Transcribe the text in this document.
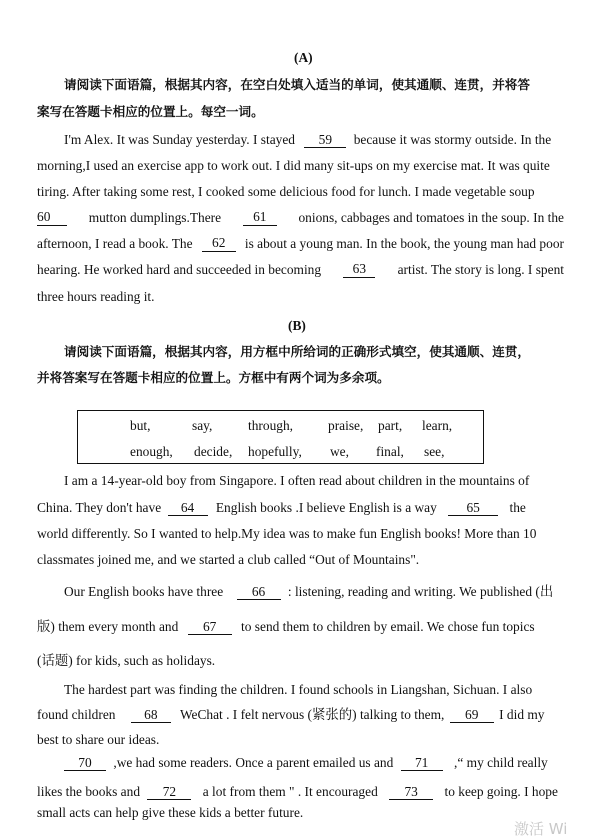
(A)
请阅读下面语篇，根据其内容，在空白处填入适当的单词，使其通顺、连贯，并将答
案写在答题卡相应的位置上。每空一词。
I'm Alex. It was Sunday yesterday. I stayed 59 because it was stormy outside. In the
morning,I used an exercise app to work out. I did many sit-ups on my exercise mat. It was quite
tiring. After taking some rest, I cooked some delicious food for lunch. I made vegetable soup
60	mutton dumplings.There	61	onions, cabbages and tomatoes in the soup. In the
afternoon, I read a book. The	62	is about a young man. In the book, the young man had poor
hearing. He worked hard and succeeded in becoming	63	artist. The story is long. I spent
three hours reading it.
(B)
请阅读下面语篇，根据其内容，用方框中所给词的正确形式填空，使其通顺、连贯，
并将答案写在答题卡相应的位置上。方框中有两个词为多余项。
but,	say,	through,	praise, part, learn,
enough, decide, hopefully, we, final, see,
I am a 14-year-old boy from Singapore. I often read about children in the mountains of
China. They don't have 64 English books .I believe English is a way 65 the
world differently. So I wanted to help.My idea was to make fun English books! More than 10
classmates joined me, and we started a club called “Out of Mountains".
Our English books have three 66 : listening, reading and writing. We published (出
版) them every month and 67 to send them to children by email. We chose fun topics
(话题) for kids, such as holidays.
The hardest part was finding the children. I found schools in Liangshan, Sichuan. I also
found children 68 WeChat . I felt nervous (紧张的) talking to them, 69 I did my
best to share our ideas.
70 ,we had some readers. Once a parent emailed us and 71 ,“ my child really
likes the books and 72 a lot from them " . It encouraged 73 to keep going. I hope
small acts can help give these kids a better future.
激活 Wi
